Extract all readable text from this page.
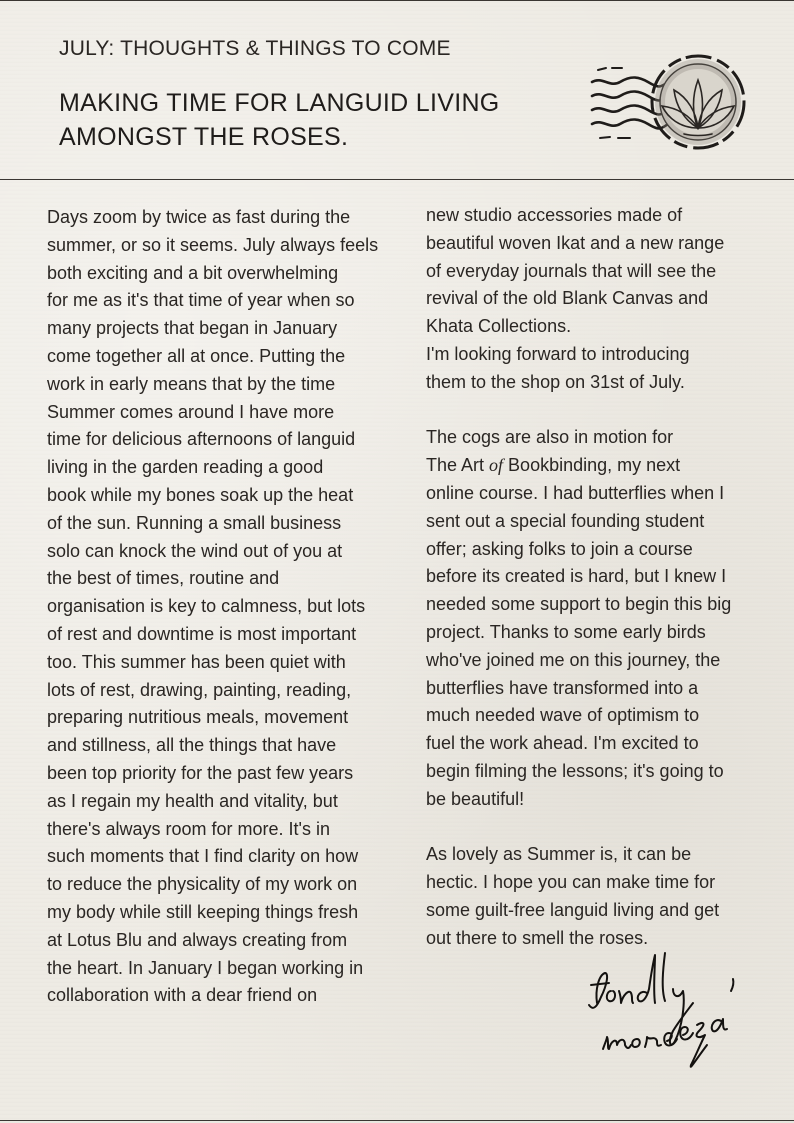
JULY: THOUGHTS & THINGS TO COME
MAKING TIME FOR LANGUID LIVING
AMONGST THE ROSES.
Days zoom by twice as fast during the
summer, or so it seems. July always feels
both exciting and a bit overwhelming
for me as it's that time of year when so
many projects that began in January
come together all at once. Putting the
work in early means that by the time
Summer comes around I have more
time for delicious afternoons of languid
living in the garden reading a good
book while my bones soak up the heat
of the sun. Running a small business
solo can knock the wind out of you at
the best of times, routine and
organisation is key to calmness, but lots
of rest and downtime is most important
too. This summer has been quiet with
lots of rest, drawing, painting, reading,
preparing nutritious meals, movement
and stillness, all the things that have
been top priority for the past few years
as I regain my health and vitality, but
there's always room for more. It's in
such moments that I find clarity on how
to reduce the physicality of my work on
my body while still keeping things fresh
at Lotus Blu and always creating from
the heart. In January I began working in
collaboration with a dear friend on
new studio accessories made of
beautiful woven Ikat and a new range
of everyday journals that will see the
revival of the old Blank Canvas and
Khata Collections.
I'm looking forward to introducing
them to the shop on 31st of July.
The cogs are also in motion for
The Art of Bookbinding, my next
online course. I had butterflies when I
sent out a special founding student
offer; asking folks to join a course
before its created is hard, but I knew I
needed some support to begin this big
project. Thanks to some early birds
who've joined me on this journey, the
butterflies have transformed into a
much needed wave of optimism to
fuel the work ahead. I'm excited to
begin filming the lessons; it's going to
be beautiful!
As lovely as Summer is, it can be
hectic. I hope you can make time for
some guilt-free languid living and get
out there to smell the roses.
